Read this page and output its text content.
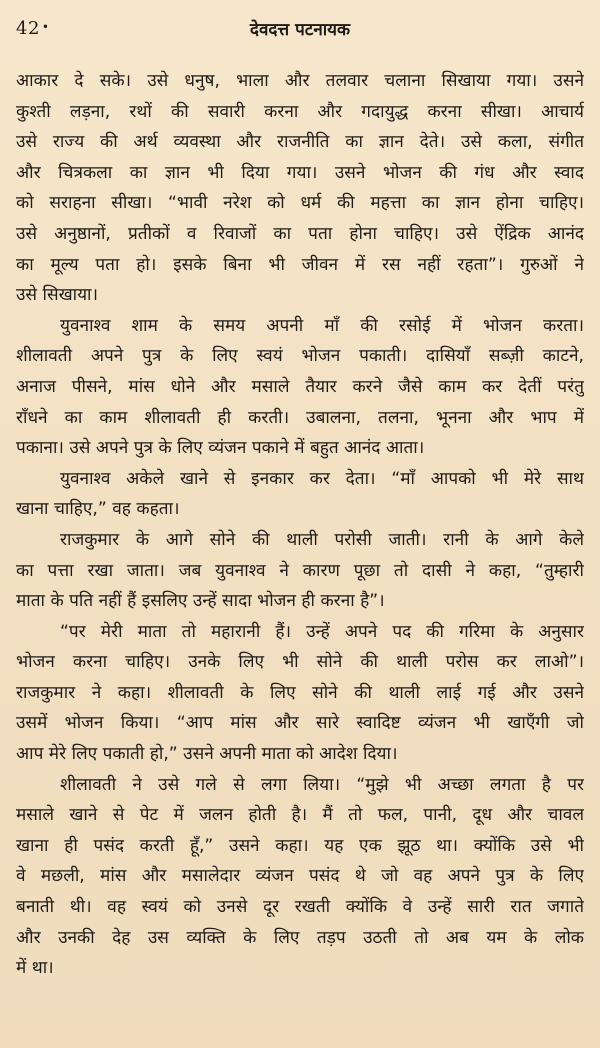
42 •	देवदत्त पटनायक
आकार दे सके। उसे धनुष, भाला और तलवार चलाना सिखाया गया। उसने
कुश्ती लड़ना, रथों की सवारी करना और गदायुद्ध करना सीखा। आचार्य
उसे राज्य की अर्थ व्यवस्था और राजनीति का ज्ञान देते। उसे कला, संगीत
और चित्रकला का ज्ञान भी दिया गया। उसने भोजन की गंध और स्वाद
को सराहना सीखा। “भावी नरेश को धर्म की महत्ता का ज्ञान होना चाहिए।
उसे अनुष्ठानों, प्रतीकों व रिवाजों का पता होना चाहिए। उसे ऐंद्रिक आनंद
का मूल्य पता हो। इसके बिना भी जीवन में रस नहीं रहता”। गुरुओं ने
उसे सिखाया।
युवनाश्व शाम के समय अपनी माँ की रसोई में भोजन करता।
शीलावती अपने पुत्र के लिए स्वयं भोजन पकाती। दासियाँ सब्ज़ी काटने,
अनाज पीसने, मांस धोने और मसाले तैयार करने जैसे काम कर देतीं परंतु
राँधने का काम शीलावती ही करती। उबालना, तलना, भूनना और भाप में
पकाना। उसे अपने पुत्र के लिए व्यंजन पकाने में बहुत आनंद आता।
युवनाश्व अकेले खाने से इनकार कर देता। “माँ आपको भी मेरे साथ
खाना चाहिए,” वह कहता।
राजकुमार के आगे सोने की थाली परोसी जाती। रानी के आगे केले
का पत्ता रखा जाता। जब युवनाश्व ने कारण पूछा तो दासी ने कहा, “तुम्हारी
माता के पति नहीं हैं इसलिए उन्हें सादा भोजन ही करना है”।
“पर मेरी माता तो महारानी हैं। उन्हें अपने पद की गरिमा के अनुसार
भोजन करना चाहिए। उनके लिए भी सोने की थाली परोस कर लाओ”।
राजकुमार ने कहा। शीलावती के लिए सोने की थाली लाई गई और उसने
उसमें भोजन किया। “आप मांस और सारे स्वादिष्ट व्यंजन भी खाएँगी जो
आप मेरे लिए पकाती हो,” उसने अपनी माता को आदेश दिया।
शीलावती ने उसे गले से लगा लिया। “मुझे भी अच्छा लगता है पर
मसाले खाने से पेट में जलन होती है। मैं तो फल, पानी, दूध और चावल
खाना ही पसंद करती हूँ,” उसने कहा। यह एक झूठ था। क्योंकि उसे भी
वे मछली, मांस और मसालेदार व्यंजन पसंद थे जो वह अपने पुत्र के लिए
बनाती थी। वह स्वयं को उनसे दूर रखती क्योंकि वे उन्हें सारी रात जगाते
और उनकी देह उस व्यक्ति के लिए तड़प उठती तो अब यम के लोक
में था।
